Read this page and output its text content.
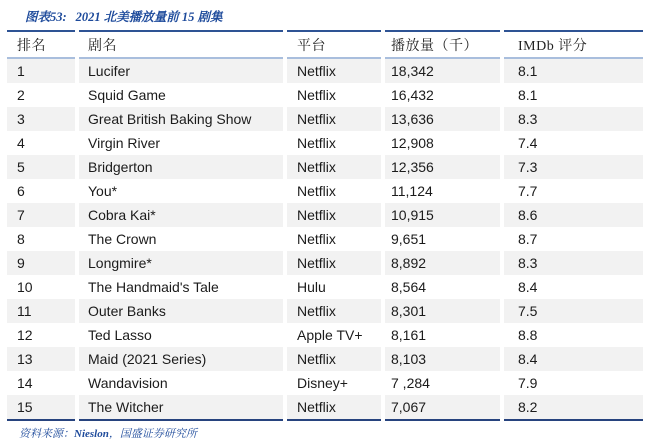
图表53: 2021 北美播放量前 15 剧集
排名	剧名	平台	播放量（千）	IMDb 评分
1	Lucifer	Netflix	18,342	8.1
2	Squid Game	Netflix	16,432	8.1
3	Great British Baking Show	Netflix	13,636	8.3
4	Virgin River	Netflix	12,908	7.4
5	Bridgerton	Netflix	12,356	7.3
6	You*	Netflix	11,124	7.7
7	Cobra Kai*	Netflix	10,915	8.6
8	The Crown	Netflix	9,651	8.7
9	Longmire*	Netflix	8,892	8.3
10	The Handmaid's Tale	Hulu	8,564	8.4
11	Outer Banks	Netflix	8,301	7.5
12	Ted Lasso	Apple TV+	8,161	8.8
13	Maid (2021 Series)	Netflix	8,103	8.4
14	Wandavision	Disney+	7 ,284	7.9
15	The Witcher	Netflix	7,067	8.2
资料来源：Nieslon，国盛证券研究所
